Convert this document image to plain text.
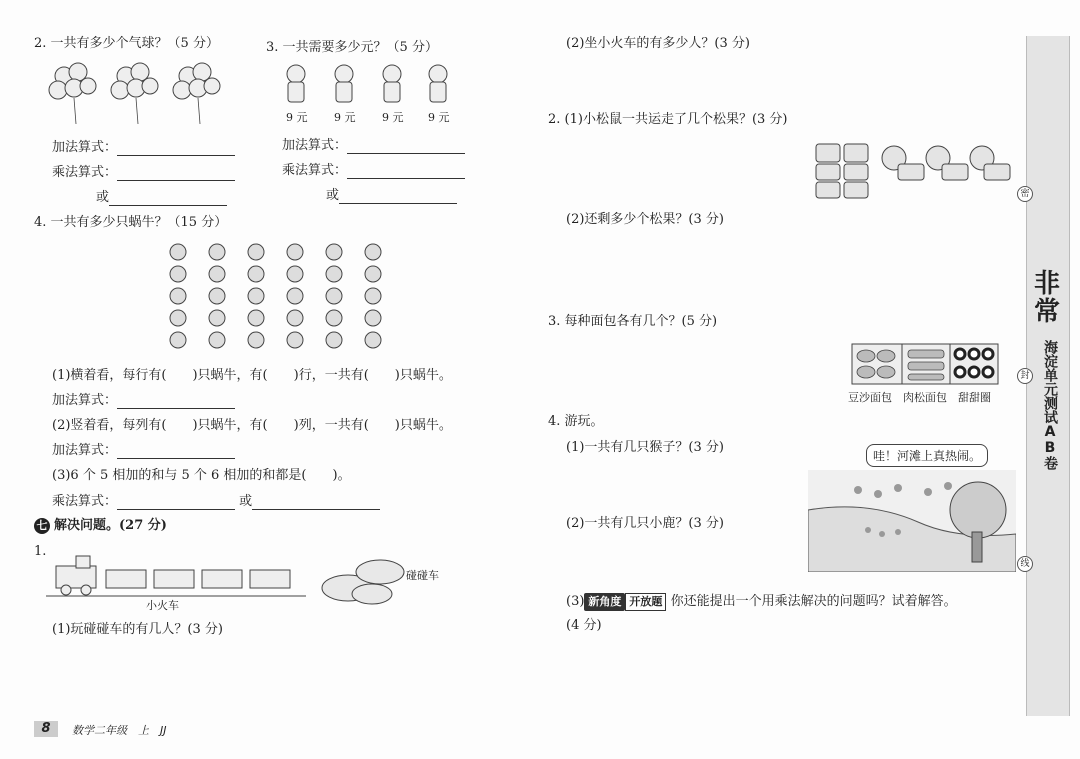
2. 一共有多少个气球？（5 分）
加法算式：
乘法算式：
或
3. 一共需要多少元？（5 分）
9 元 9 元 9 元 9 元
加法算式：
乘法算式：
或
4. 一共有多少只蜗牛？（15 分）
(1)横着看，每行有(　　)只蜗牛，有(　　)行，一共有(　　)只蜗牛。
加法算式：
(2)竖着看，每列有(　　)只蜗牛，有(　　)列，一共有(　　)只蜗牛。
加法算式：
(3)6 个 5 相加的和与 5 个 6 相加的和都是(　　)。
乘法算式：	或
七 解决问题。(27 分)
1.
小火车
碰碰车
(1)玩碰碰车的有几人？(3 分)
8	数学二年级　上　JJ
(2)坐小火车的有多少人？(3 分)
2. (1)小松鼠一共运走了几个松果？(3 分)
(2)还剩多少个松果？(3 分)
3. 每种面包各有几个？(5 分)
豆沙面包　肉松面包　甜甜圈
4. 游玩。
(1)一共有几只猴子？(3 分)
哇！河滩上真热闹。
(2)一共有几只小鹿？(3 分)
(3) 新角度 开放题 你还能提出一个用乘法解决的问题吗？试着解答。
(4 分)
非常
海淀单元测试AB卷
密
封
线
